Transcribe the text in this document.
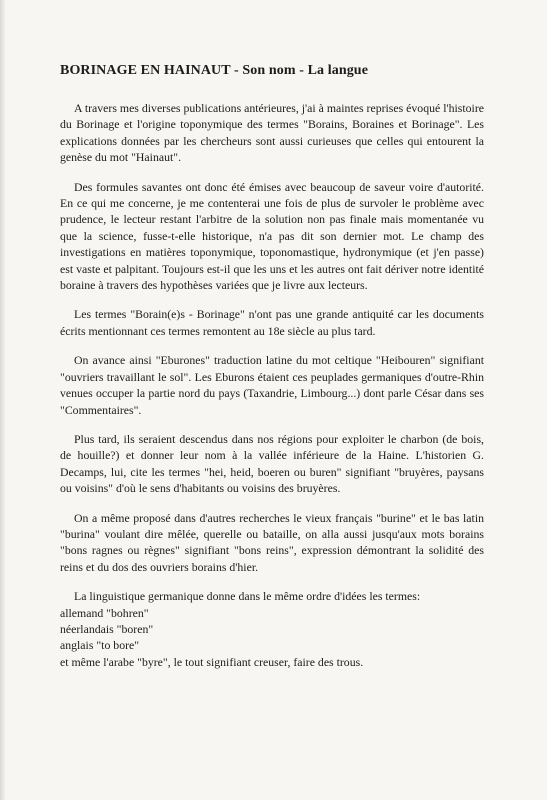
BORINAGE EN HAINAUT - Son nom - La langue

A travers mes diverses publications antérieures, j'ai à maintes reprises évoqué l'histoire du Borinage et l'origine toponymique des termes "Borains, Boraines et Borinage". Les explications données par les chercheurs sont aussi curieuses que celles qui entourent la genèse du mot "Hainaut".

Des formules savantes ont donc été émises avec beaucoup de saveur voire d'autorité. En ce qui me concerne, je me contenterai une fois de plus de survoler le problème avec prudence, le lecteur restant l'arbitre de la solution non pas finale mais momentanée vu que la science, fusse-t-elle historique, n'a pas dit son dernier mot. Le champ des investigations en matières toponymique, toponomastique, hydronymique (et j'en passe) est vaste et palpitant. Toujours est-il que les uns et les autres ont fait dériver notre identité boraine à travers des hypothèses variées que je livre aux lecteurs.

Les termes "Borain(e)s - Borinage" n'ont pas une grande antiquité car les documents écrits mentionnant ces termes remontent au 18e siècle au plus tard.

On avance ainsi "Eburones" traduction latine du mot celtique "Heibouren" signifiant "ouvriers travaillant le sol". Les Eburons étaient ces peuplades germaniques d'outre-Rhin venues occuper la partie nord du pays (Taxandrie, Limbourg...) dont parle César dans ses "Commentaires".

Plus tard, ils seraient descendus dans nos régions pour exploiter le charbon (de bois, de houille?) et donner leur nom à la vallée inférieure de la Haine. L'historien G. Decamps, lui, cite les termes "hei, heid, boeren ou buren" signifiant "bruyères, paysans ou voisins" d'où le sens d'habitants ou voisins des bruyères.

On a même proposé dans d'autres recherches le vieux français "burine" et le bas latin "burina" voulant dire mêlée, querelle ou bataille, on alla aussi jusqu'aux mots borains "bons ragnes ou règnes" signifiant "bons reins", expression démontrant la solidité des reins et du dos des ouvriers borains d'hier.

La linguistique germanique donne dans le même ordre d'idées les termes:
allemand "bohren"
néerlandais "boren"
anglais "to bore"
et même l'arabe "byre", le tout signifiant creuser, faire des trous.
